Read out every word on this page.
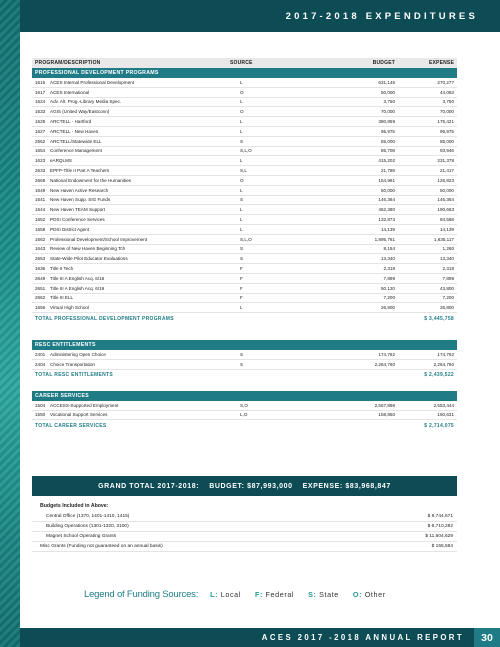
2017-2018 EXPENDITURES
PROGRAM/DESCRIPTION	SOURCE	BUDGET	EXPENSE
PROFESSIONAL DEVELOPMENT PROGRAMS
1616	ACES Internal Professional Development	L	631,146	270,277
1617	ACES International	O	50,000	44,063
1624	Adv. Alt. Prog.-Library Media Spec.	L	3,750	3,750
1633	AGIS (United Way/Eastconn)	O	70,000	70,000
1625	ARCTELL - Hartford	L	380,859	175,421
1627	ARCTELL - New Haven	L	95,975	95,975
2662	ARCTELL/Statewide ELL	S	85,000	85,000
1654	Conference Management	S,L,O	85,708	93,946
1623	eARQLMS	L	415,202	231,378
2633	EPFP-Title II Part A Teachers	S,L	21,789	21,417
2668	National Endowment for the Humanities	O	154,981	126,823
1649	New Haven Active Research	L	50,000	50,000
1641	New Haven Supp. SIG Funds	S	146,364	146,364
1644	New Haven TEAM Support	L	462,380	190,663
1652	PDSI Conference Services	L	132,873	84,568
1658	PDSI District Agent	L	14,139	14,139
1662	Professional Development/School Improvement	S,L,O	1,895,761	1,635,117
1643	Review of New Haven Beginning Tch	S	8,154	1,260
2653	State-Wide Pilot Educator Evaluations	S	13,340	13,340
1636	Title II Tech	F	2,318	2,318
2649	Title III A English Acq. 6/18	F	7,899	7,899
2651	Title III A English Acq. 6/19	F	50,120	43,800
2662	Title III ELL	F	7,200	7,200
1656	Virtual High School	L	26,800	26,800
TOTAL PROFESSIONAL DEVELOPMENT PROGRAMS	$ 3,445,758
RESC ENTITLEMENTS
2401	Administering Open Choice	S	174,762	174,762
2404	Choice Transportation	S	2,264,760	2,264,760
TOTAL RESC ENTITLEMENTS	$ 2,439,522
CAREER SERVICES
1504	ACCESS-Supported Employment	S,O	2,557,898	2,553,444
1550	Vocational Support Services	L,O	158,850	160,631
TOTAL CAREER SERVICES	$ 2,714,075
GRAND TOTAL 2017-2018: BUDGET: $87,993,000 EXPENSE: $83,968,847
Budgets Included in Above:
Central Office (1370, 1401-1410, 1415)	$ 8,744,671
Building Operations (1301-1320, 3100)	$ 6,710,282
Magnet School Operating Grants	$ 11,604,629
Misc Grants (Funding not guaranteed on an annual basis)	$ 155,584
Legend of Funding Sources: L: Local F: Federal S: State O: Other
ACES 2017 -2018 ANNUAL REPORT	30
